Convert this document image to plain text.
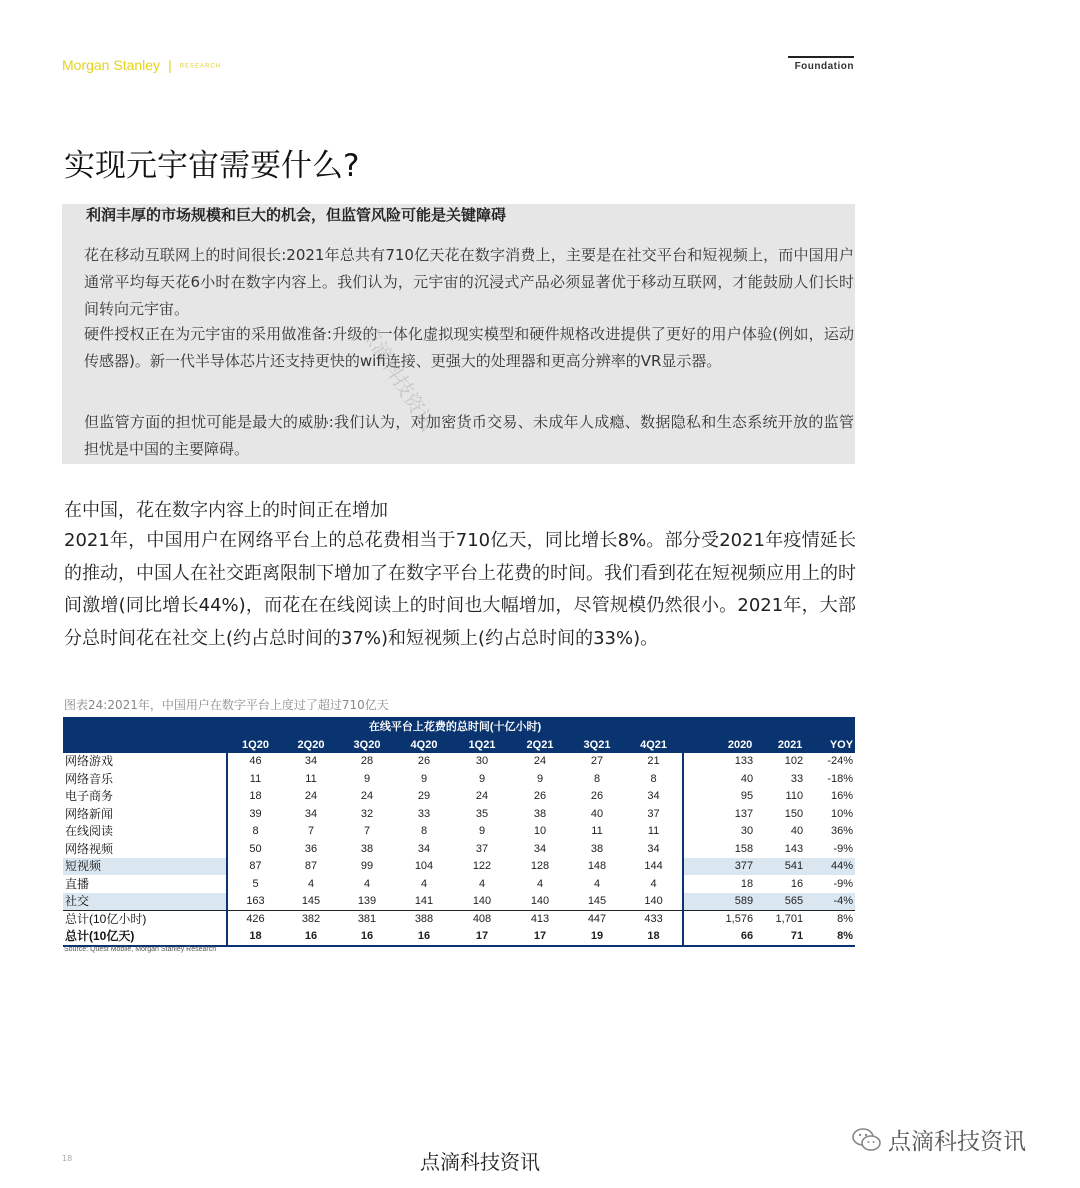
Morgan Stanley | RESEARCH	Foundation
实现元宇宙需要什么?
利润丰厚的市场规模和巨大的机会，但监管风险可能是关键障碍
花在移动互联网上的时间很长:2021年总共有710亿天花在数字消费上，主要是在社交平台和短视频上，而中国用户通常平均每天花6小时在数字内容上。我们认为，元宇宙的沉浸式产品必须显著优于移动互联网，才能鼓励人们长时间转向元宇宙。
硬件授权正在为元宇宙的采用做准备:升级的一体化虚拟现实模型和硬件规格改进提供了更好的用户体验(例如，运动传感器)。新一代半导体芯片还支持更快的wifi连接、更强大的处理器和更高分辨率的VR显示器。
但监管方面的担忧可能是最大的威胁:我们认为，对加密货币交易、未成年人成瘾、数据隐私和生态系统开放的监管担忧是中国的主要障碍。
点滴科技资讯
在中国，花在数字内容上的时间正在增加
2021年，中国用户在网络平台上的总花费相当于710亿天，同比增长8%。部分受2021年疫情延长的推动，中国人在社交距离限制下增加了在数字平台上花费的时间。我们看到花在短视频应用上的时间激增(同比增长44%)，而花在在线阅读上的时间也大幅增加，尽管规模仍然很小。2021年，大部分总时间花在社交上(约占总时间的37%)和短视频上(约占总时间的33%)。
图表24:2021年，中国用户在数字平台上度过了超过710亿天
	在线平台上花费的总时间(十亿小时)											
	1Q20	2Q20	3Q20	4Q20	1Q21	2Q21	3Q21	4Q21		2020	2021	YOY
网络游戏	46	34	28	26	30	24	27	21		133	102	-24%
网络音乐	11	11	9	9	9	9	8	8		40	33	-18%
电子商务	18	24	24	29	24	26	26	34		95	110	16%
网络新闻	39	34	32	33	35	38	40	37		137	150	10%
在线阅读	8	7	7	8	9	10	11	11		30	40	36%
网络视频	50	36	38	34	37	34	38	34		158	143	-9%
短视频	87	87	99	104	122	128	148	144		377	541	44%
直播	5	4	4	4	4	4	4	4		18	16	-9%
社交	163	145	139	141	140	140	145	140		589	565	-4%
总计(10亿小时)	426	382	381	388	408	413	447	433		1,576	1,701	8%
总计(10亿天)	18	16	16	16	17	17	19	18		66	71	8%
Source: Quest Mobile, Morgan Stanley Research
18	点滴科技资讯
点滴科技资讯
